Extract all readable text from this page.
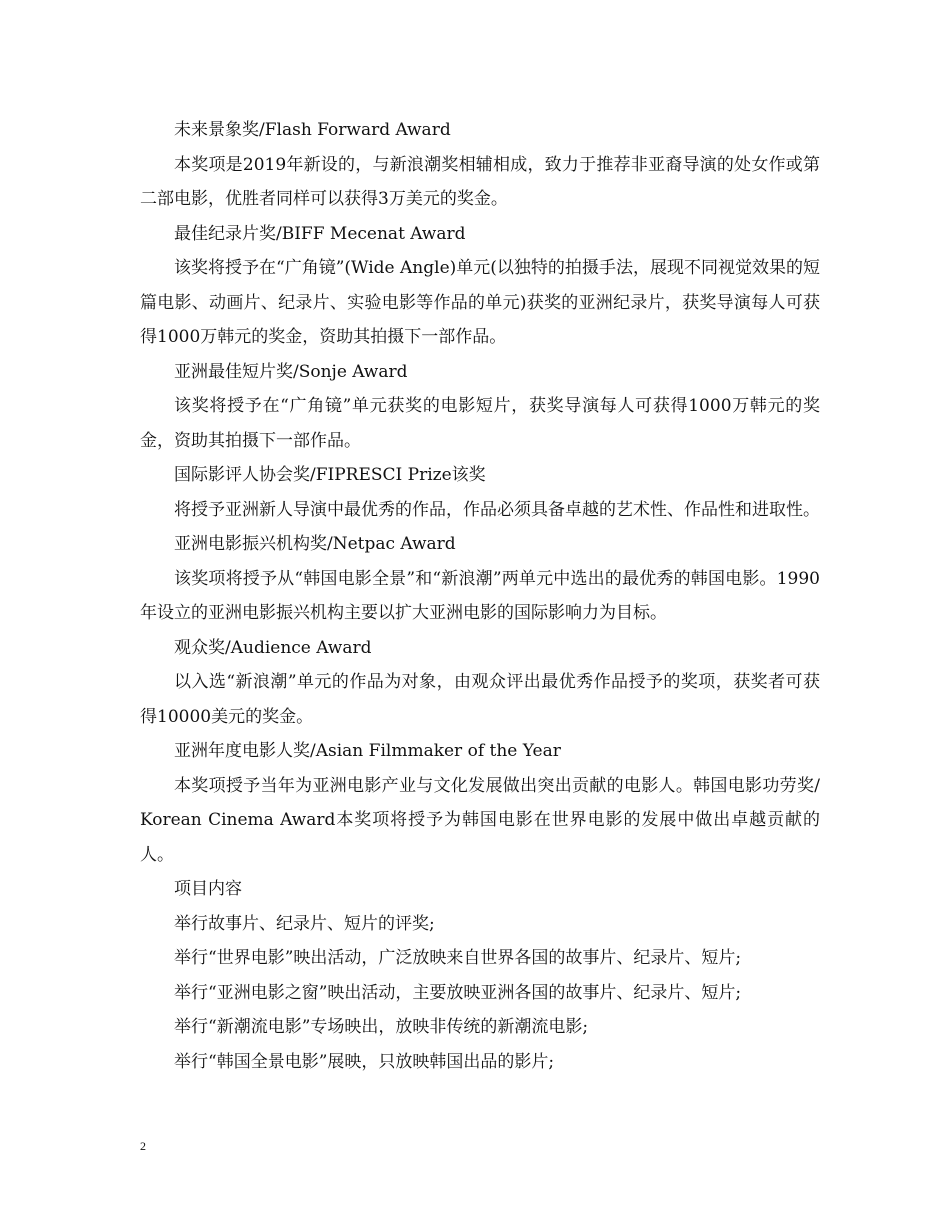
未来景象奖/Flash Forward Award

本奖项是2019年新设的，与新浪潮奖相辅相成，致力于推荐非亚裔导演的处女作或第二部电影，优胜者同样可以获得3万美元的奖金。

最佳纪录片奖/BIFF Mecenat Award

该奖将授予在“广角镜”(Wide Angle)单元(以独特的拍摄手法，展现不同视觉效果的短篇电影、动画片、纪录片、实验电影等作品的单元)获奖的亚洲纪录片，获奖导演每人可获得1000万韩元的奖金，资助其拍摄下一部作品。

亚洲最佳短片奖/Sonje Award

该奖将授予在“广角镜”单元获奖的电影短片，获奖导演每人可获得1000万韩元的奖金，资助其拍摄下一部作品。

国际影评人协会奖/FIPRESCI Prize该奖

将授予亚洲新人导演中最优秀的作品，作品必须具备卓越的艺术性、作品性和进取性。

亚洲电影振兴机构奖/Netpac Award

该奖项将授予从“韩国电影全景”和“新浪潮”两单元中选出的最优秀的韩国电影。1990年设立的亚洲电影振兴机构主要以扩大亚洲电影的国际影响力为目标。

观众奖/Audience Award

以入选“新浪潮”单元的作品为对象，由观众评出最优秀作品授予的奖项，获奖者可获得10000美元的奖金。

亚洲年度电影人奖/Asian Filmmaker of the Year

本奖项授予当年为亚洲电影产业与文化发展做出突出贡献的电影人。韩国电影功劳奖/Korean Cinema Award本奖项将授予为韩国电影在世界电影的发展中做出卓越贡献的人。

项目内容

举行故事片、纪录片、短片的评奖;

举行“世界电影”映出活动，广泛放映来自世界各国的故事片、纪录片、短片;

举行“亚洲电影之窗”映出活动，主要放映亚洲各国的故事片、纪录片、短片;

举行“新潮流电影”专场映出，放映非传统的新潮流电影;

举行“韩国全景电影”展映，只放映韩国出品的影片;

2
